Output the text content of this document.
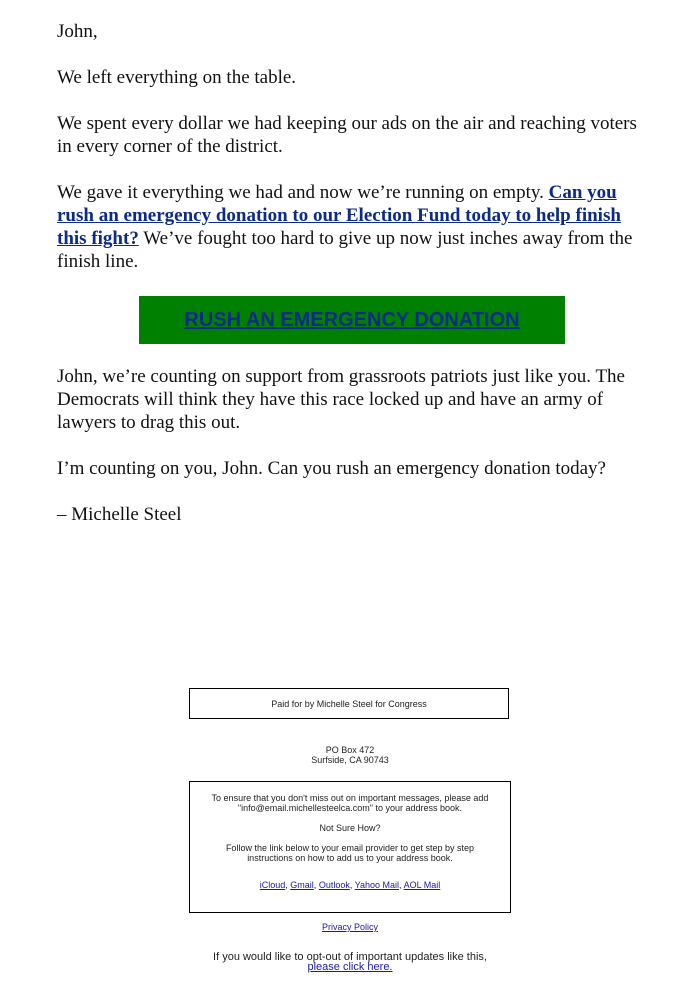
John,

We left everything on the table.

We spent every dollar we had keeping our ads on the air and reaching voters in every corner of the district.

We gave it everything we had and now we’re running on empty. Can you rush an emergency donation to our Election Fund today to help finish this fight? We’ve fought too hard to give up now just inches away from the finish line.

RUSH AN EMERGENCY DONATION

John, we’re counting on support from grassroots patriots just like you. The Democrats will think they have this race locked up and have an army of lawyers to drag this out.

I’m counting on you, John. Can you rush an emergency donation today?

– Michelle Steel

Paid for by Michelle Steel for Congress
PO Box 472
Surfside, CA 90743

To ensure that you don't miss out on important messages, please add "info@email.michellesteelca.com" to your address book.

Not Sure How?

Follow the link below to your email provider to get step by step instructions on how to add us to your address book.

iCloud, Gmail, Outlook, Yahoo Mail, AOL Mail

Privacy Policy
If you would like to opt-out of important updates like this,
please click here.
